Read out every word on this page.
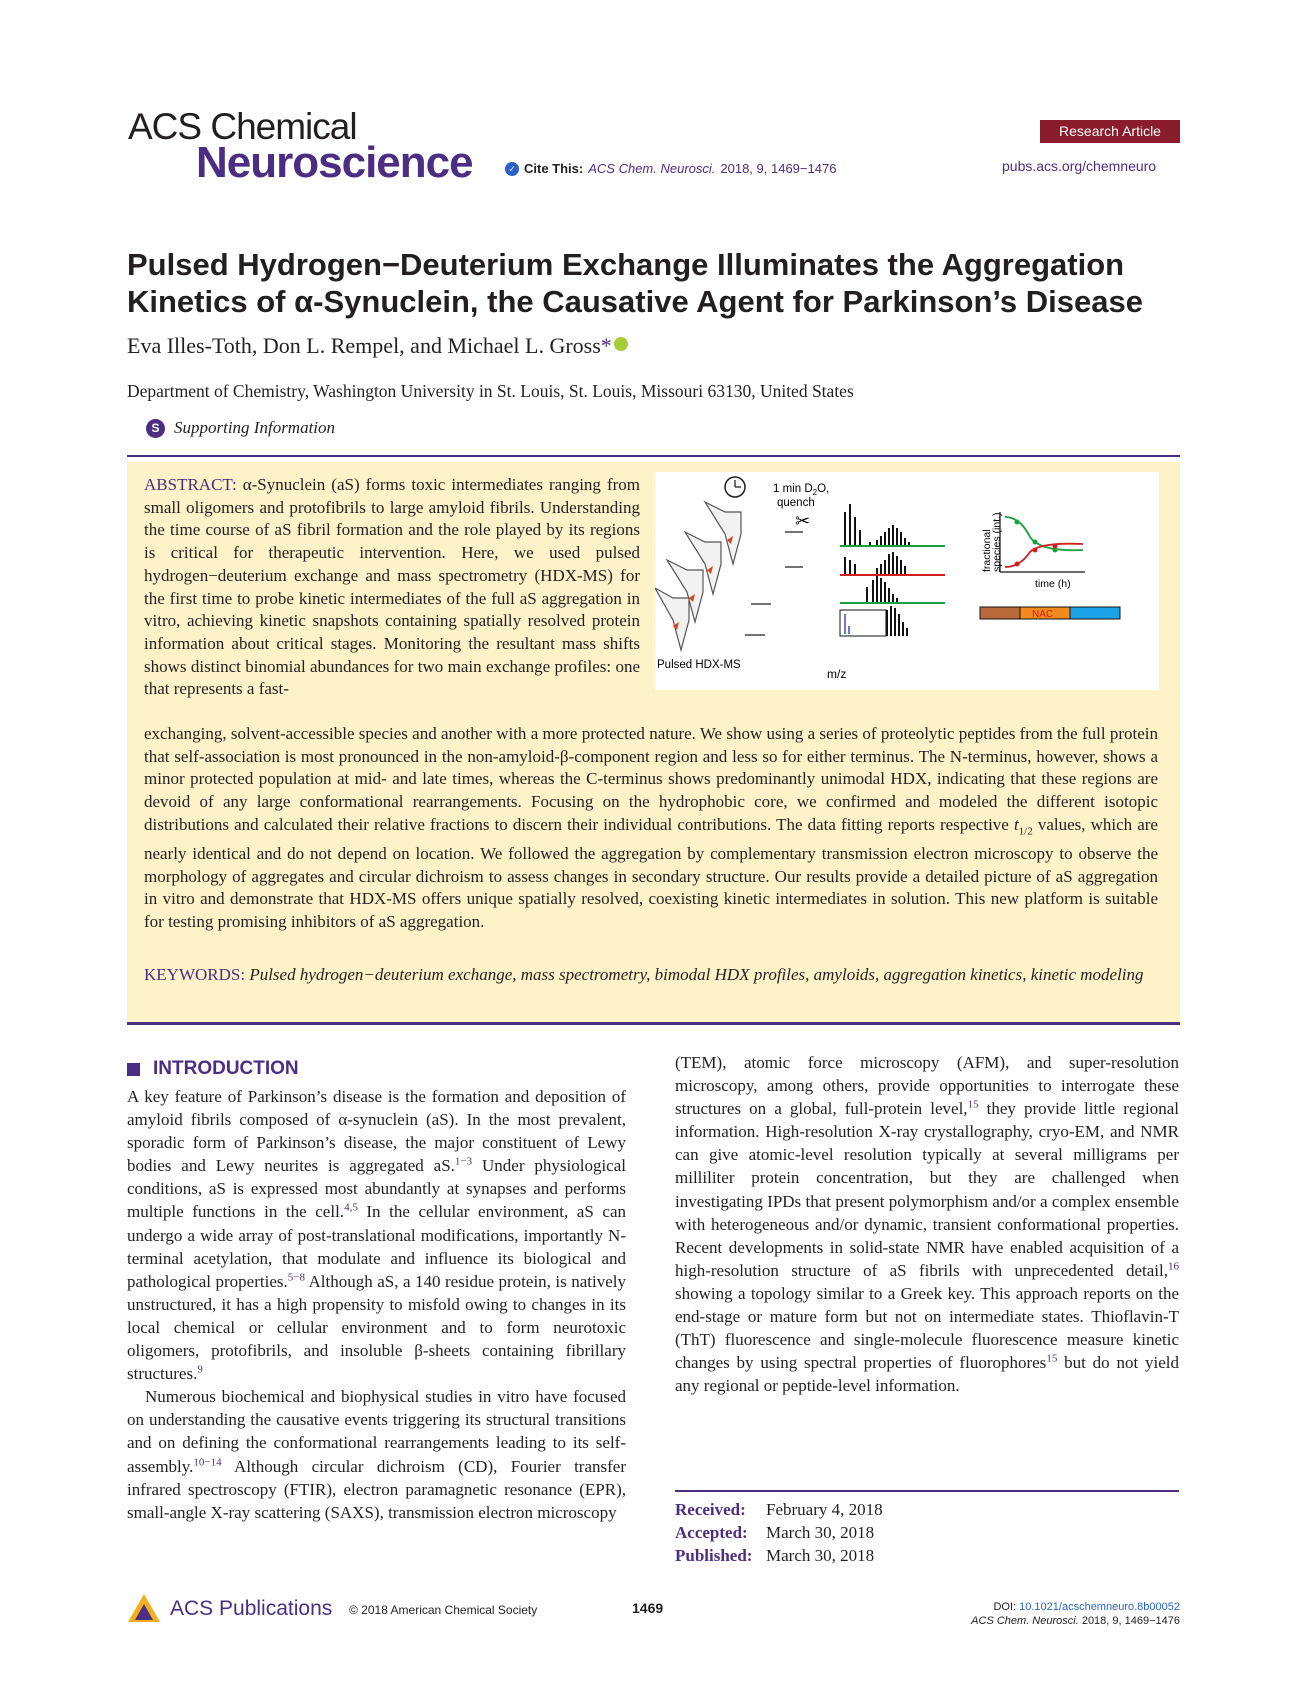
ACS Chemical
Neuroscience	✓ Cite This: ACS Chem. Neurosci. 2018, 9, 1469−1476
Research Article
pubs.acs.org/chemneuro
Pulsed Hydrogen−Deuterium Exchange Illuminates the Aggregation
Kinetics of α-Synuclein, the Causative Agent for Parkinson’s Disease
Eva Illes-Toth, Don L. Rempel, and Michael L. Gross*
Department of Chemistry, Washington University in St. Louis, St. Louis, Missouri 63130, United States
S Supporting Information
ABSTRACT: α-Synuclein (aS) forms toxic intermediates ranging from small oligomers and protofibrils to large amyloid fibrils. Understanding the time course of aS fibril formation and the role played by its regions is critical for therapeutic intervention. Here, we used pulsed hydrogen−deuterium exchange and mass spectrometry (HDX-MS) for the first time to probe kinetic intermediates of the full aS aggregation in vitro, achieving kinetic snapshots containing spatially resolved protein information about critical stages. Monitoring the resultant mass shifts shows distinct binomial abundances for two main exchange profiles: one that represents a fast-
exchanging, solvent-accessible species and another with a more protected nature. We show using a series of proteolytic peptides from the full protein that self-association is most pronounced in the non-amyloid-β-component region and less so for either terminus. The N-terminus, however, shows a minor protected population at mid- and late times, whereas the C-terminus shows predominantly unimodal HDX, indicating that these regions are devoid of any large conformational rearrangements. Focusing on the hydrophobic core, we confirmed and modeled the different isotopic distributions and calculated their relative fractions to discern their individual contributions. The data fitting reports respective $t_{1/2}$ values, which are nearly identical and do not depend on location. We followed the aggregation by complementary transmission electron microscopy to observe the morphology of aggregates and circular dichroism to assess changes in secondary structure. Our results provide a detailed picture of aS aggregation in vitro and demonstrate that HDX-MS offers unique spatially resolved, coexisting kinetic intermediates in solution. This new platform is suitable for testing promising inhibitors of aS aggregation.
KEYWORDS: Pulsed hydrogen−deuterium exchange, mass spectrometry, bimodal HDX profiles, amyloids, aggregation kinetics, kinetic modeling
1 $\min D_2O$,
quench
✂
m/z
Pulsed HDX-MS
fractional
species (int.)
time (h)
NAC
INTRODUCTION

A key feature of Parkinson’s disease is the formation and deposition of amyloid fibrils composed of α-synuclein (aS). In the most prevalent, sporadic form of Parkinson’s disease, the major constituent of Lewy bodies and Lewy neurites is aggregated aS.$^{1-3}$ Under physiological conditions, aS is expressed most abundantly at synapses and performs multiple functions in the cell.$^{4,5}$ In the cellular environment, aS can undergo a wide array of post-translational modifications, importantly N-terminal acetylation, that modulate and influence its biological and pathological properties.$^{5-8}$ Although aS, a 140 residue protein, is natively unstructured, it has a high propensity to misfold owing to changes in its local chemical or cellular environment and to form neurotoxic oligomers, protofibrils, and insoluble β-sheets containing fibrillary structures.$^9$

Numerous biochemical and biophysical studies in vitro have focused on understanding the causative events triggering its structural transitions and on defining the conformational rearrangements leading to its self-assembly.$^{10-14}$ Although circular dichroism (CD), Fourier transfer infrared spectroscopy (FTIR), electron paramagnetic resonance (EPR), small-angle X-ray scattering (SAXS), transmission electron microscopy

(TEM), atomic force microscopy (AFM), and super-resolution microscopy, among others, provide opportunities to interrogate these structures on a global, full-protein level,$^{15}$ they provide little regional information. High-resolution X-ray crystallography, cryo-EM, and NMR can give atomic-level resolution typically at several milligrams per milliliter protein concentration, but they are challenged when investigating IPDs that present polymorphism and/or a complex ensemble with heterogeneous and/or dynamic, transient conformational properties. Recent developments in solid-state NMR have enabled acquisition of a high-resolution structure of aS fibrils with unprecedented detail,$^{16}$ showing a topology similar to a Greek key. This approach reports on the end-stage or mature form but not on intermediate states. Thioflavin-T (ThT) fluorescence and single-molecule fluorescence measure kinetic changes by using spectral properties of fluorophores$^{15}$ but do not yield any regional or peptide-level information.

Received:	February 4, 2018
Accepted:	March 30, 2018
Published: March 30, 2018
ACS Publications © 2018 American Chemical Society	1469	DOI: 10.1021/acschemneuro.8b00052
ACS Chem. Neurosci. 2018, 9, 1469−1476
